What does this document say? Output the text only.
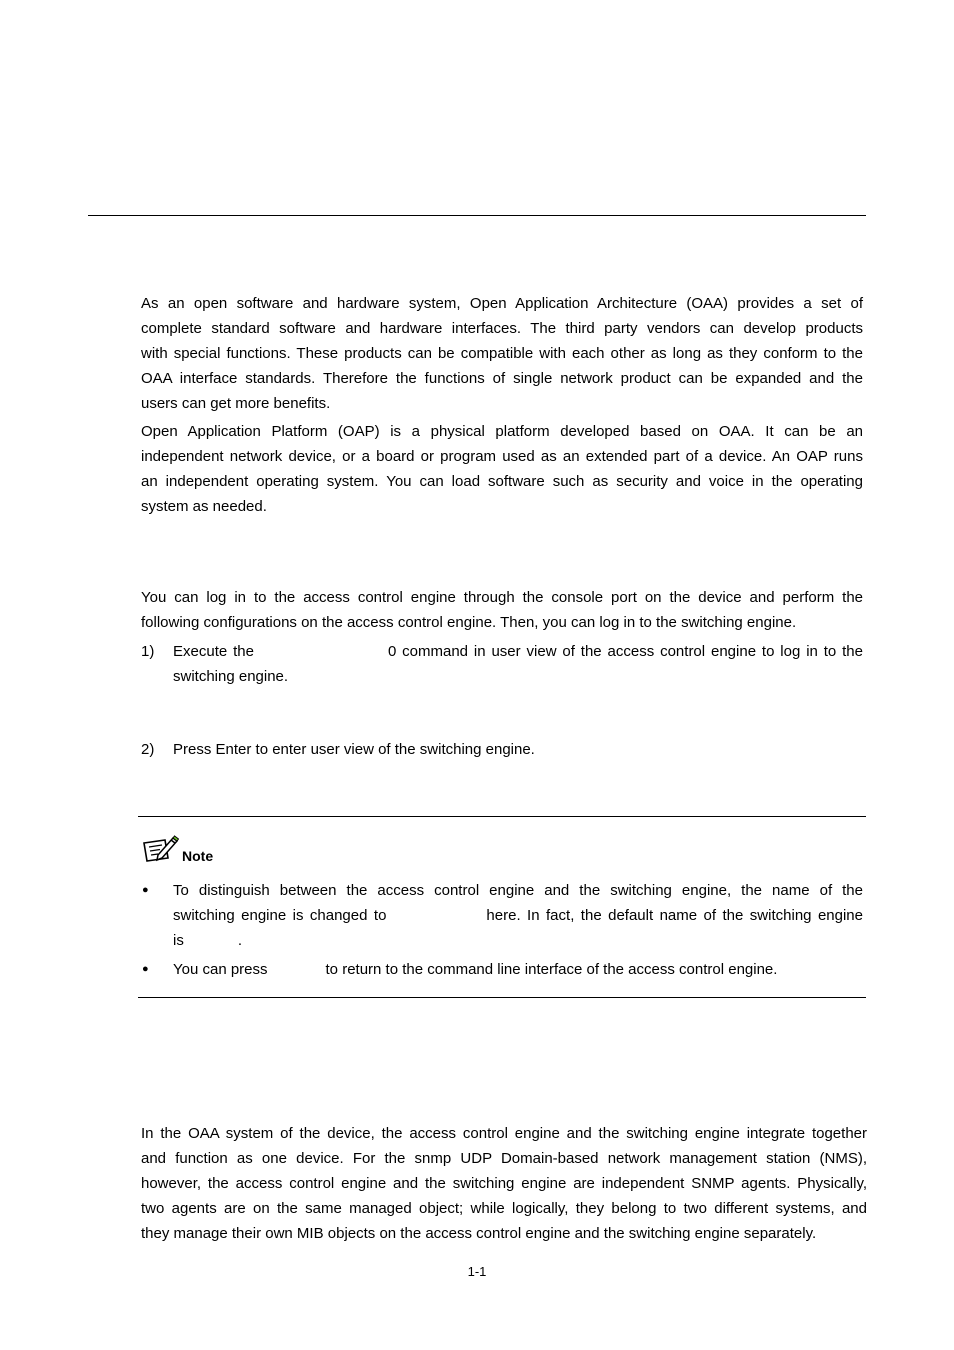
As an open software and hardware system, Open Application Architecture (OAA) provides a set of
complete standard software and hardware interfaces. The third party vendors can develop products
with special functions. These products can be compatible with each other as long as they conform to the
OAA interface standards. Therefore the functions of single network product can be expanded and the
users can get more benefits.
Open Application Platform (OAP) is a physical platform developed based on OAA. It can be an
independent network device, or a board or program used as an extended part of a device. An OAP runs
an independent operating system. You can load software such as security and voice in the operating
system as needed.
You can log in to the access control engine through the console port on the device and perform the
following configurations on the access control engine. Then, you can log in to the switching engine.
1) Execute the	0 command in user view of the access control engine to log in to the
switching engine.
2) Press Enter to enter user view of the switching engine.
Note
● To distinguish between the access control engine and the switching engine, the name of the
switching engine is changed to	here. In fact, the default name of the switching engine
is	.
● You can press	to return to the command line interface of the access control engine.
In the OAA system of the device, the access control engine and the switching engine integrate together
and function as one device. For the snmp UDP Domain-based network management station (NMS),
however, the access control engine and the switching engine are independent SNMP agents. Physically,
two agents are on the same managed object; while logically, they belong to two different systems, and
they manage their own MIB objects on the access control engine and the switching engine separately.
1-1
